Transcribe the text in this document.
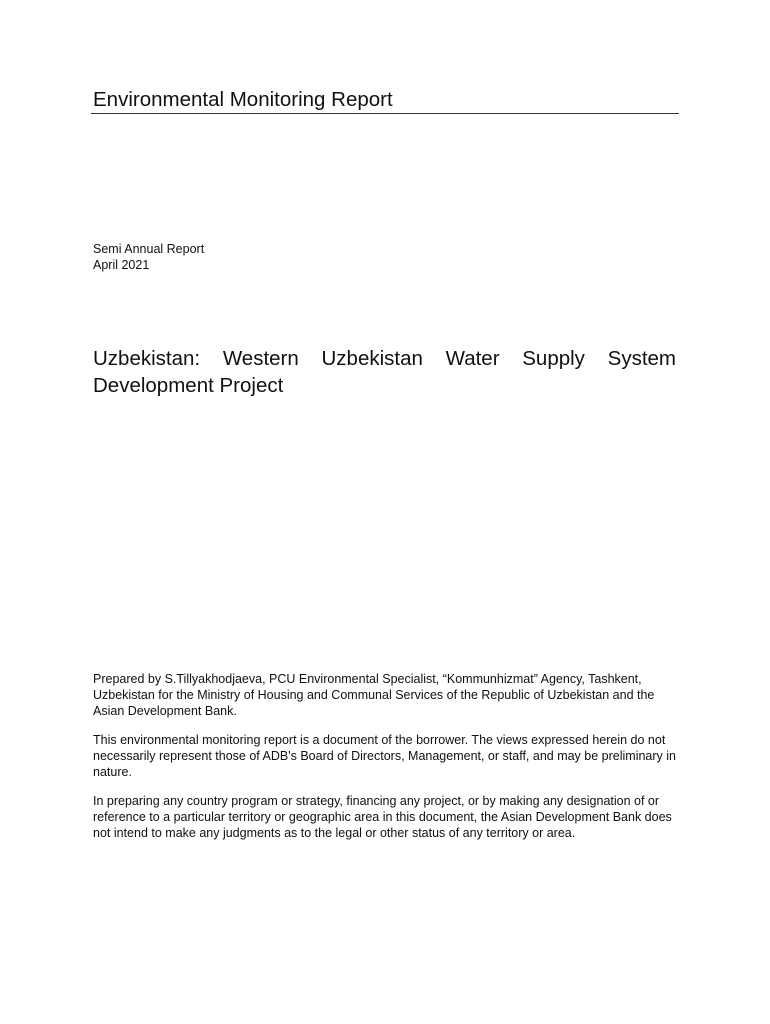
Environmental Monitoring Report
Semi Annual Report
April 2021
Uzbekistan: Western Uzbekistan Water Supply System Development Project

Prepared by S.Tillyakhodjaeva, PCU Environmental Specialist, “Kommunhizmat” Agency, Tashkent, Uzbekistan for the Ministry of Housing and Communal Services of the Republic of Uzbekistan and the Asian Development Bank.

This environmental monitoring report is a document of the borrower. The views expressed herein do not necessarily represent those of ADB's Board of Directors, Management, or staff, and may be preliminary in nature.

In preparing any country program or strategy, financing any project, or by making any designation of or reference to a particular territory or geographic area in this document, the Asian Development Bank does not intend to make any judgments as to the legal or other status of any territory or area.
